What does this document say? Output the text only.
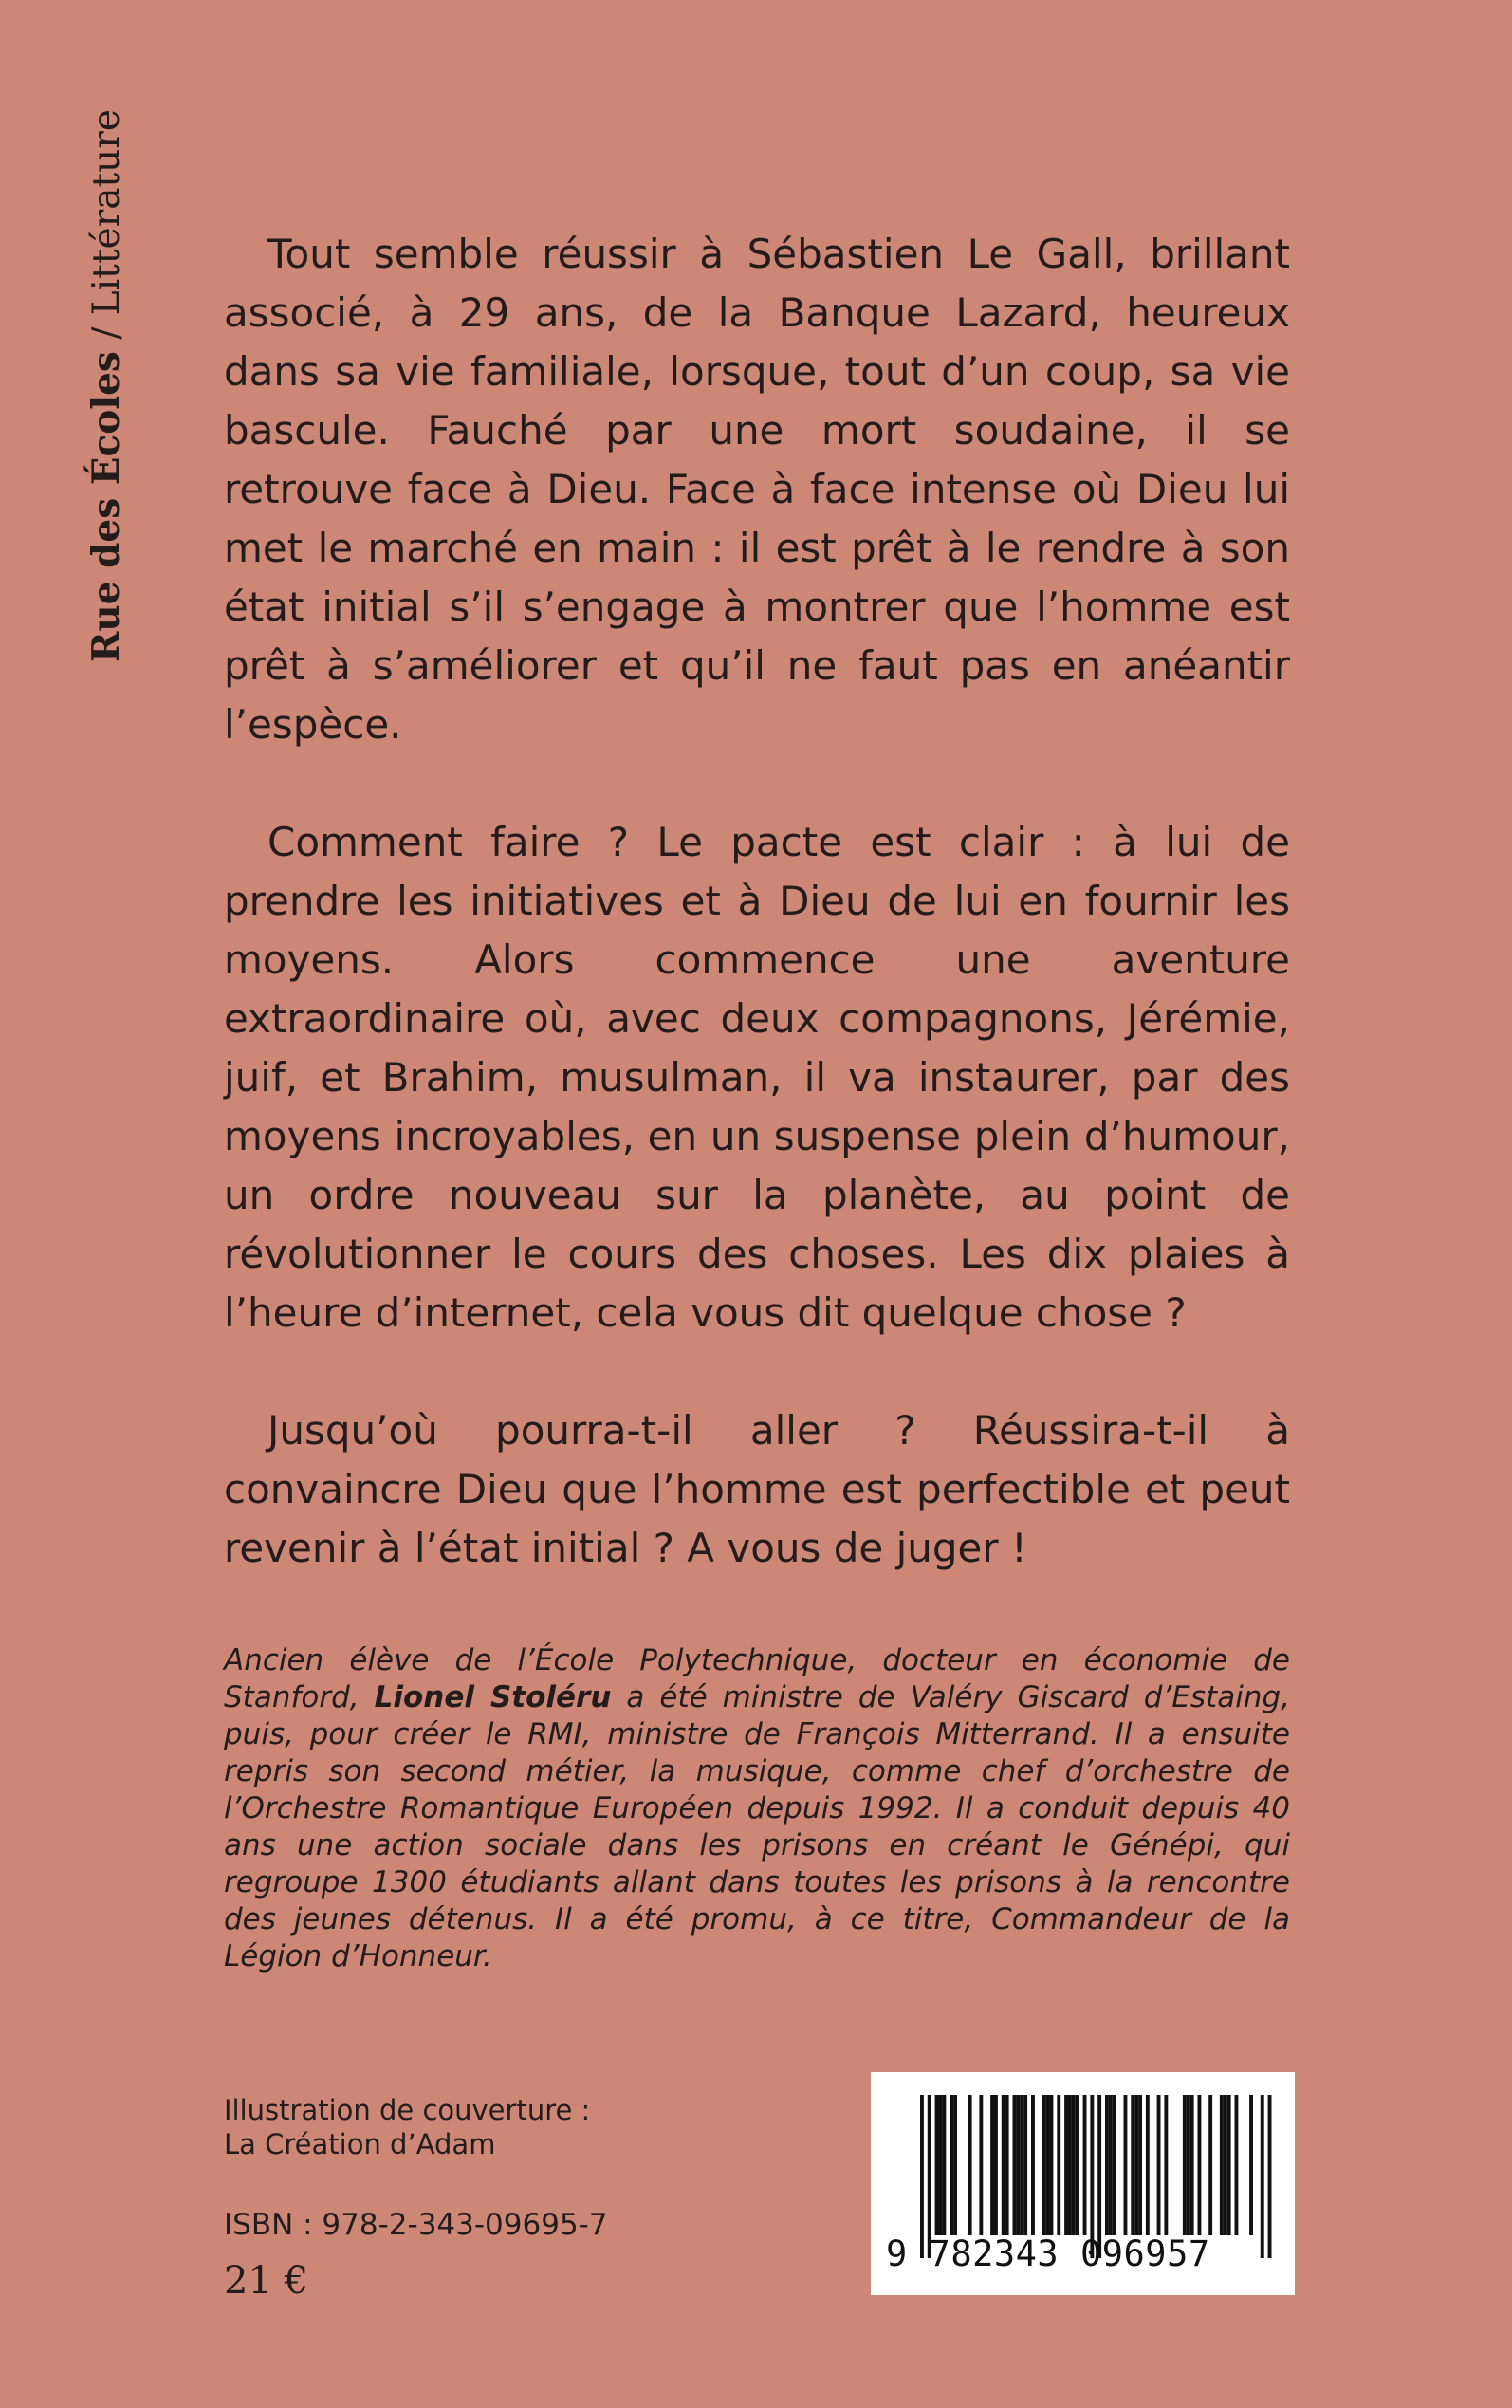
Rue des Écoles / Littérature	Tout semble réussir à Sébastien Le Gall, brillant associé, à 29 ans, de la Banque Lazard, heureux dans sa vie familiale, lorsque, tout d’un coup, sa vie bascule. Fauché par une mort soudaine, il se retrouve face à Dieu. Face à face intense où Dieu lui met le marché en main : il est prêt à le rendre à son état initial s’il s’engage à montrer que l’homme est prêt à s’améliorer et qu’il ne faut pas en anéantir l’espèce.

Comment faire ? Le pacte est clair : à lui de prendre les initiatives et à Dieu de lui en fournir les moyens. Alors commence une aventure extraordinaire où, avec deux compagnons, Jérémie, juif, et Brahim, musulman, il va instaurer, par des moyens incroyables, en un suspense plein d’humour, un ordre nouveau sur la planète, au point de révolutionner le cours des choses. Les dix plaies à l’heure d’internet, cela vous dit quelque chose ?

Jusqu’où pourra-t-il aller ? Réussira-t-il à convaincre Dieu que l’homme est perfectible et peut revenir à l’état initial ? A vous de juger !

Ancien élève de l’École Polytechnique, docteur en économie de Stanford, Lionel Stoléru a été ministre de Valéry Giscard d’Estaing, puis, pour créer le RMI, ministre de François Mitterrand. Il a ensuite repris son second métier, la musique, comme chef d’orchestre de l’Orchestre Romantique Européen depuis 1992. Il a conduit depuis 40 ans une action sociale dans les prisons en créant le Génépi, qui regroupe 1300 étudiants allant dans toutes les prisons à la rencontre des jeunes détenus. Il a été promu, à ce titre, Commandeur de la Légion d’Honneur.

Illustration de couverture :
La Création d’Adam
ISBN : 978-2-343-09695-7
21 €
9 782343 096957
